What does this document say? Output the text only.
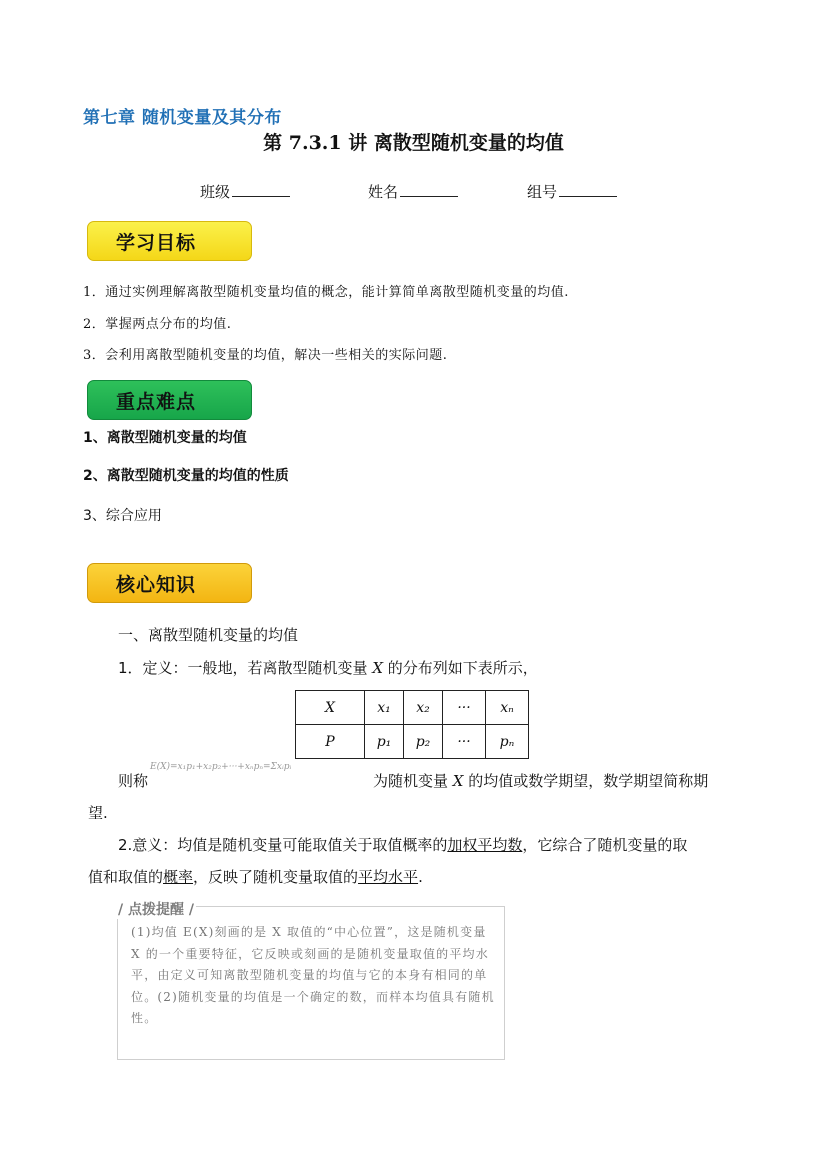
第七章 随机变量及其分布
第 7.3.1 讲 离散型随机变量的均值
班级	姓名	组号
学习目标
1．通过实例理解离散型随机变量均值的概念，能计算简单离散型随机变量的均值.
2．掌握两点分布的均值.
3．会利用离散型随机变量的均值，解决一些相关的实际问题.
重点难点
1、离散型随机变量的均值
2、离散型随机变量的均值的性质
3、综合应用
核心知识
一、离散型随机变量的均值
1．定义：一般地，若离散型随机变量 X 的分布列如下表所示，
X	x₁	x₂	···	xₙ
P	p₁	p₂	···	pₙ
则称
E(X)=x₁p₁+x₂p₂+···+xₙpₙ=Σxᵢpᵢ
为随机变量 X 的均值或数学期望，数学期望简称期
望.
2.意义：均值是随机变量可能取值关于取值概率的加权平均数，它综合了随机变量的取
值和取值的概率，反映了随机变量取值的平均水平.
/ 点拨提醒 /
(1)均值 E(X)刻画的是 X 取值的“中心位置”，这是随机变量 X 的一个重要特征，它反映或刻画的是随机变量取值的平均水平，由定义可知离散型随机变量的均值与它的本身有相同的单位。(2)随机变量的均值是一个确定的数，而样本均值具有随机性。
